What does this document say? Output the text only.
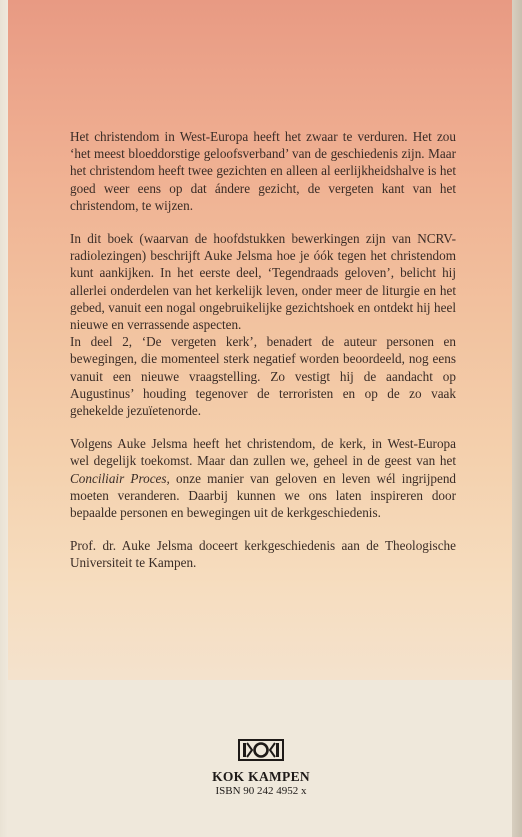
Het christendom in West-Europa heeft het zwaar te verduren. Het zou ‘het meest bloeddorstige geloofsverband’ van de geschiedenis zijn. Maar het christendom heeft twee gezichten en alleen al eerlijkheidshalve is het goed weer eens op dat ándere gezicht, de vergeten kant van het christendom, te wijzen.

In dit boek (waarvan de hoofdstukken bewerkingen zijn van NCRV-radiolezingen) beschrijft Auke Jelsma hoe je óók tegen het christendom kunt aankijken. In het eerste deel, ‘Tegendraads geloven’, belicht hij allerlei onderdelen van het kerkelijk leven, onder meer de liturgie en het gebed, vanuit een nogal ongebruikelijke gezichtshoek en ontdekt hij heel nieuwe en verrassende aspecten.

In deel 2, ‘De vergeten kerk’, benadert de auteur personen en bewegingen, die momenteel sterk negatief worden beoordeeld, nog eens vanuit een nieuwe vraagstelling. Zo vestigt hij de aandacht op Augustinus’ houding tegenover de terroristen en op de zo vaak gehekelde jezuïetenorde.

Volgens Auke Jelsma heeft het christendom, de kerk, in West-Europa wel degelijk toekomst. Maar dan zullen we, geheel in de geest van het Conciliair Proces, onze manier van geloven en leven wél ingrijpend moeten veranderen. Daarbij kunnen we ons laten inspireren door bepaalde personen en bewegingen uit de kerkgeschiedenis.

Prof. dr. Auke Jelsma doceert kerkgeschiedenis aan de Theologische Universiteit te Kampen.

KOK KAMPEN
ISBN 90 242 4952 x
